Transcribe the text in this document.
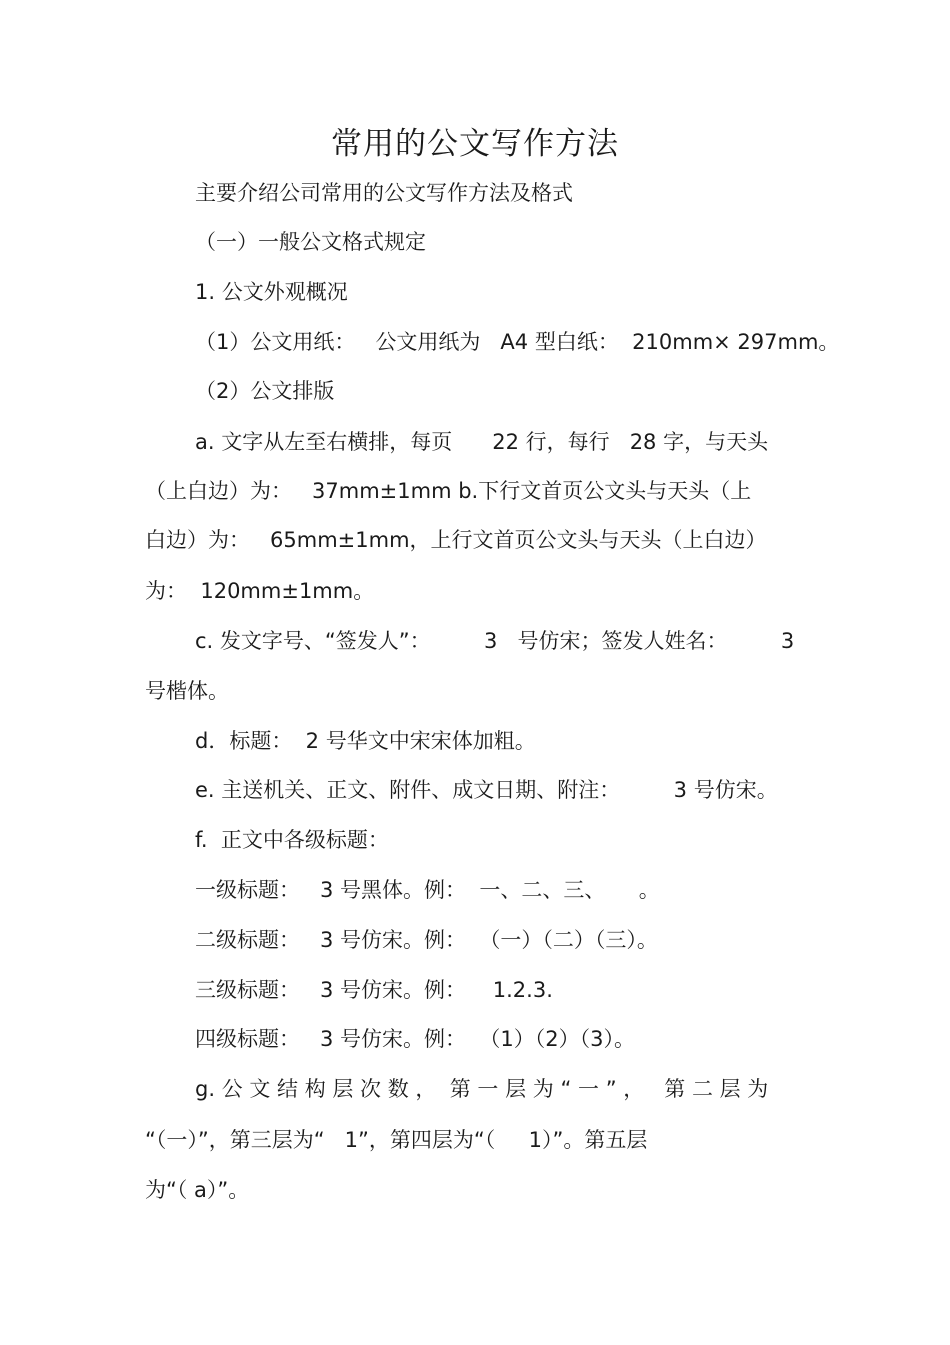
常用的公文写作方法
主要介绍公司常用的公文写作方法及格式
（一）一般公文格式规定
1. 公文外观概况
（1）公文用纸：   公文用纸为   A4 型白纸：  210mm× 297mm。
（2）公文排版
a. 文字从左至右横排，每页      22 行，每行   28 字，与天头
（上白边）为：   37mm±1mm b.下行文首页公文头与天头（上
白边）为：   65mm±1mm，上行文首页公文头与天头（上白边）
为：  120mm±1mm。
c. 发文字号、“签发人”：        3   号仿宋；签发人姓名：        3
号楷体。
d．标题：  2 号华文中宋宋体加粗。
e. 主送机关、正文、附件、成文日期、附注：        3 号仿宋。
f.  正文中各级标题：
一级标题：   3 号黑体。例：  一、二、三、     。
二级标题：   3 号仿宋。例：  （一）（二）（三）。
三级标题：   3 号仿宋。例：    1.2.3.
四级标题：   3 号仿宋。例：  （1）（2）（3）。
g. 公 文 结 构 层 次 数 ，  第 一 层 为 “ 一 ” ，   第 二 层 为
“（一）”，第三层为“   1”，第四层为“（     1）”。第五层
为“（ a）”。
